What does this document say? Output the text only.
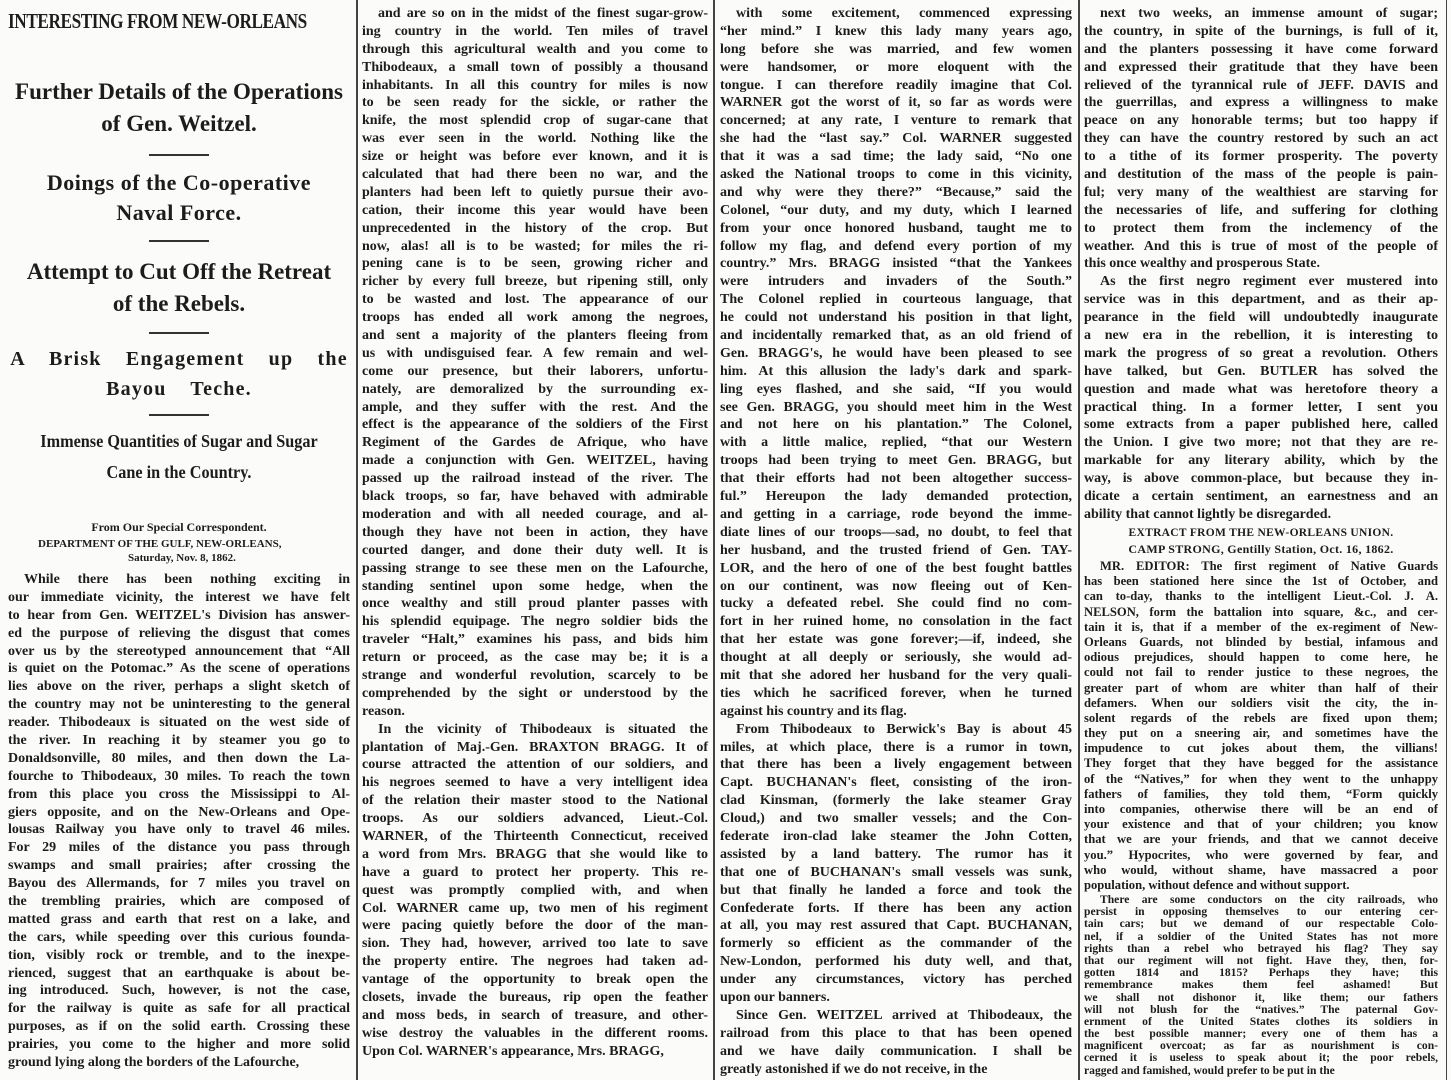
INTERESTING FROM NEW-ORLEANS
Further Details of the Operations
of Gen. Weitzel.
Doings of the Co-operative
Naval Force.
Attempt to Cut Off the Retreat
of the Rebels.
A Brisk Engagement up the
Bayou Teche.
Immense Quantities of Sugar and Sugar
Cane in the Country.
From Our Special Correspondent.
DEPARTMENT OF THE GULF, NEW-ORLEANS,
Saturday, Nov. 8, 1862.
While there has been nothing exciting in
our immediate vicinity, the interest we have felt
to hear from Gen. WEITZEL's Division has answer-
ed the purpose of relieving the disgust that comes
over us by the stereotyped announcement that “All
is quiet on the Potomac.” As the scene of operations
lies above on the river, perhaps a slight sketch of
the country may not be uninteresting to the general
reader. Thibodeaux is situated on the west side of
the river. In reaching it by steamer you go to
Donaldsonville, 80 miles, and then down the La-
fourche to Thibodeaux, 30 miles. To reach the town
from this place you cross the Mississippi to Al-
giers opposite, and on the New-Orleans and Ope-
lousas Railway you have only to travel 46 miles.
For 29 miles of the distance you pass through
swamps and small prairies; after crossing the
Bayou des Allermands, for 7 miles you travel on
the trembling prairies, which are composed of
matted grass and earth that rest on a lake, and
the cars, while speeding over this curious founda-
tion, visibly rock or tremble, and to the inexpe-
rienced, suggest that an earthquake is about be-
ing introduced. Such, however, is not the case,
for the railway is quite as safe for all practical
purposes, as if on the solid earth. Crossing these
prairies, you come to the higher and more solid
ground lying along the borders of the Lafourche,
and are so on in the midst of the finest sugar-grow-
ing country in the world. Ten miles of travel
through this agricultural wealth and you come to
Thibodeaux, a small town of possibly a thousand
inhabitants. In all this country for miles is now
to be seen ready for the sickle, or rather the
knife, the most splendid crop of sugar-cane that
was ever seen in the world. Nothing like the
size or height was before ever known, and it is
calculated that had there been no war, and the
planters had been left to quietly pursue their avo-
cation, their income this year would have been
unprecedented in the history of the crop. But
now, alas! all is to be wasted; for miles the ri-
pening cane is to be seen, growing richer and
richer by every full breeze, but ripening still, only
to be wasted and lost. The appearance of our
troops has ended all work among the negroes,
and sent a majority of the planters fleeing from
us with undisguised fear. A few remain and wel-
come our presence, but their laborers, unfortu-
nately, are demoralized by the surrounding ex-
ample, and they suffer with the rest. And the
effect is the appearance of the soldiers of the First
Regiment of the Gardes de Afrique, who have
made a conjunction with Gen. WEITZEL, having
passed up the railroad instead of the river. The
black troops, so far, have behaved with admirable
moderation and with all needed courage, and al-
though they have not been in action, they have
courted danger, and done their duty well. It is
passing strange to see these men on the Lafourche,
standing sentinel upon some hedge, when the
once wealthy and still proud planter passes with
his splendid equipage. The negro soldier bids the
traveler “Halt,” examines his pass, and bids him
return or proceed, as the case may be; it is a
strange and wonderful revolution, scarcely to be
comprehended by the sight or understood by the
reason.
In the vicinity of Thibodeaux is situated the
plantation of Maj.-Gen. BRAXTON BRAGG. It of
course attracted the attention of our soldiers, and
his negroes seemed to have a very intelligent idea
of the relation their master stood to the National
troops. As our soldiers advanced, Lieut.-Col.
WARNER, of the Thirteenth Connecticut, received
a word from Mrs. BRAGG that she would like to
have a guard to protect her property. This re-
quest was promptly complied with, and when
Col. WARNER came up, two men of his regiment
were pacing quietly before the door of the man-
sion. They had, however, arrived too late to save
the property entire. The negroes had taken ad-
vantage of the opportunity to break open the
closets, invade the bureaus, rip open the feather
and moss beds, in search of treasure, and other-
wise destroy the valuables in the different rooms.
Upon Col. WARNER's appearance, Mrs. BRAGG,
with some excitement, commenced expressing
“her mind.” I knew this lady many years ago,
long before she was married, and few women
were handsomer, or more eloquent with the
tongue. I can therefore readily imagine that Col.
WARNER got the worst of it, so far as words were
concerned; at any rate, I venture to remark that
she had the “last say.” Col. WARNER suggested
that it was a sad time; the lady said, “No one
asked the National troops to come in this vicinity,
and why were they there?” “Because,” said the
Colonel, “our duty, and my duty, which I learned
from your once honored husband, taught me to
follow my flag, and defend every portion of my
country.” Mrs. BRAGG insisted “that the Yankees
were intruders and invaders of the South.”
The Colonel replied in courteous language, that
he could not understand his position in that light,
and incidentally remarked that, as an old friend of
Gen. BRAGG's, he would have been pleased to see
him. At this allusion the lady's dark and spark-
ling eyes flashed, and she said, “If you would
see Gen. BRAGG, you should meet him in the West
and not here on his plantation.” The Colonel,
with a little malice, replied, “that our Western
troops had been trying to meet Gen. BRAGG, but
that their efforts had not been altogether success-
ful.” Hereupon the lady demanded protection,
and getting in a carriage, rode beyond the imme-
diate lines of our troops—sad, no doubt, to feel that
her husband, and the trusted friend of Gen. TAY-
LOR, and the hero of one of the best fought battles
on our continent, was now fleeing out of Ken-
tucky a defeated rebel. She could find no com-
fort in her ruined home, no consolation in the fact
that her estate was gone forever;—if, indeed, she
thought at all deeply or seriously, she would ad-
mit that she adored her husband for the very quali-
ties which he sacrificed forever, when he turned
against his country and its flag.
From Thibodeaux to Berwick's Bay is about 45
miles, at which place, there is a rumor in town,
that there has been a lively engagement between
Capt. BUCHANAN's fleet, consisting of the iron-
clad Kinsman, (formerly the lake steamer Gray
Cloud,) and two smaller vessels; and the Con-
federate iron-clad lake steamer the John Cotten,
assisted by a land battery. The rumor has it
that one of BUCHANAN's small vessels was sunk,
but that finally he landed a force and took the
Confederate forts. If there has been any action
at all, you may rest assured that Capt. BUCHANAN,
formerly so efficient as the commander of the
New-London, performed his duty well, and that,
under any circumstances, victory has perched
upon our banners.
Since Gen. WEITZEL arrived at Thibodeaux, the
railroad from this place to that has been opened
and we have daily communication. I shall be
greatly astonished if we do not receive, in the
next two weeks, an immense amount of sugar;
the country, in spite of the burnings, is full of it,
and the planters possessing it have come forward
and expressed their gratitude that they have been
relieved of the tyrannical rule of JEFF. DAVIS and
the guerrillas, and express a willingness to make
peace on any honorable terms; but too happy if
they can have the country restored by such an act
to a tithe of its former prosperity. The poverty
and destitution of the mass of the people is pain-
ful; very many of the wealthiest are starving for
the necessaries of life, and suffering for clothing
to protect them from the inclemency of the
weather. And this is true of most of the people of
this once wealthy and prosperous State.
As the first negro regiment ever mustered into
service was in this department, and as their ap-
pearance in the field will undoubtedly inaugurate
a new era in the rebellion, it is interesting to
mark the progress of so great a revolution. Others
have talked, but Gen. BUTLER has solved the
question and made what was heretofore theory a
practical thing. In a former letter, I sent you
some extracts from a paper published here, called
the Union. I give two more; not that they are re-
markable for any literary ability, which by the
way, is above common-place, but because they in-
dicate a certain sentiment, an earnestness and an
ability that cannot lightly be disregarded.
EXTRACT FROM THE NEW-ORLEANS UNION.
CAMP STRONG, Gentilly Station, Oct. 16, 1862.
MR. EDITOR: The first regiment of Native Guards
has been stationed here since the 1st of October, and
can to-day, thanks to the intelligent Lieut.-Col. J. A.
NELSON, form the battalion into square, &c., and cer-
tain it is, that if a member of the ex-regiment of New-
Orleans Guards, not blinded by bestial, infamous and
odious prejudices, should happen to come here, he
could not fail to render justice to these negroes, the
greater part of whom are whiter than half of their
defamers. When our soldiers visit the city, the in-
solent regards of the rebels are fixed upon them;
they put on a sneering air, and sometimes have the
impudence to cut jokes about them, the villians!
They forget that they have begged for the assistance
of the “Natives,” for when they went to the unhappy
fathers of families, they told them, “Form quickly
into companies, otherwise there will be an end of
your existence and that of your children; you know
that we are your friends, and that we cannot deceive
you.” Hypocrites, who were governed by fear, and
who would, without shame, have massacred a poor
population, without defence and without support.
There are some conductors on the city railroads, who
persist in opposing themselves to our entering cer-
tain cars; but we demand of our respectable Colo-
nel, if a soldier of the United States has not more
rights than a rebel who betrayed his flag? They say
that our regiment will not fight. Have they, then, for-
gotten 1814 and 1815? Perhaps they have; this
remembrance makes them feel ashamed! But
we shall not dishonor it, like them; our fathers
will not blush for the “natives.” The paternal Gov-
ernment of the United States clothes its soldiers in
the best possible manner; every one of them has a
magnificent overcoat; as far as nourishment is con-
cerned it is useless to speak about it; the poor rebels,
ragged and famished, would prefer to be put in the
